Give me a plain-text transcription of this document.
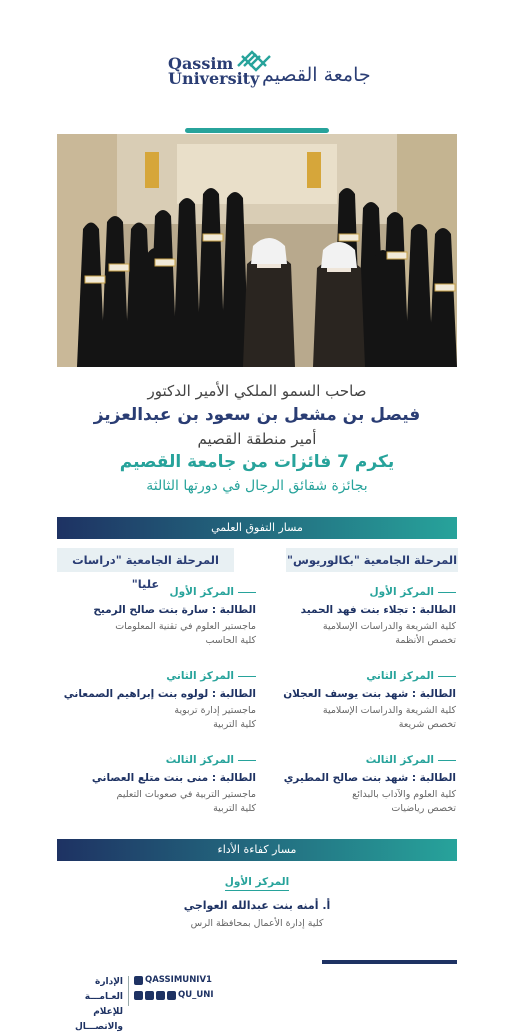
Qassim
University جامعة القصيم
صاحب السمو الملكي الأمير الدكتور
فيصل بن مشعل بن سعود بن عبدالعزيز
أمير منطقة القصيم
يكرم 7 فائزات من جامعة القصيم
بجائزة شقائق الرجال في دورتها الثالثة
مسار التفوق العلمي
المرحلة الجامعية "بكالوريوس"
المرحلة الجامعية "دراسات عليا"
المركز الأول
الطالبة : تجلاء بنت فهد الحميد
كلية الشريعة والدراسات الإسلامية
تخصص الأنظمة
المركز الثاني
الطالبة : شهد بنت يوسف العجلان
كلية الشريعة والدراسات الإسلامية
تخصص شريعة
المركز الثالث
الطالبة : شهد بنت صالح المطيري
كلية العلوم والآداب بالبدائع
تخصص رياضيات
المركز الأول
الطالبة : سارة بنت صالح الرميح
ماجستير العلوم في تقنية المعلومات
كلية الحاسب
المركز الثاني
الطالبة : لولوه بنت إبراهيم الصمعاني
ماجستير إدارة تربوية
كلية التربية
المركز الثالث
الطالبة : منى بنت متلع العصاني
ماجستير التربية في صعوبات التعليم
كلية التربية
مسار كفاءة الأداء
المركز الأول
أ. أمنه بنت عبدالله العواجي
كلية إدارة الأعمال بمحافظة الرس
الإدارة العـامـــة
للإعلام والاتصـــال
QASSIMUNIV1
QU_UNI
